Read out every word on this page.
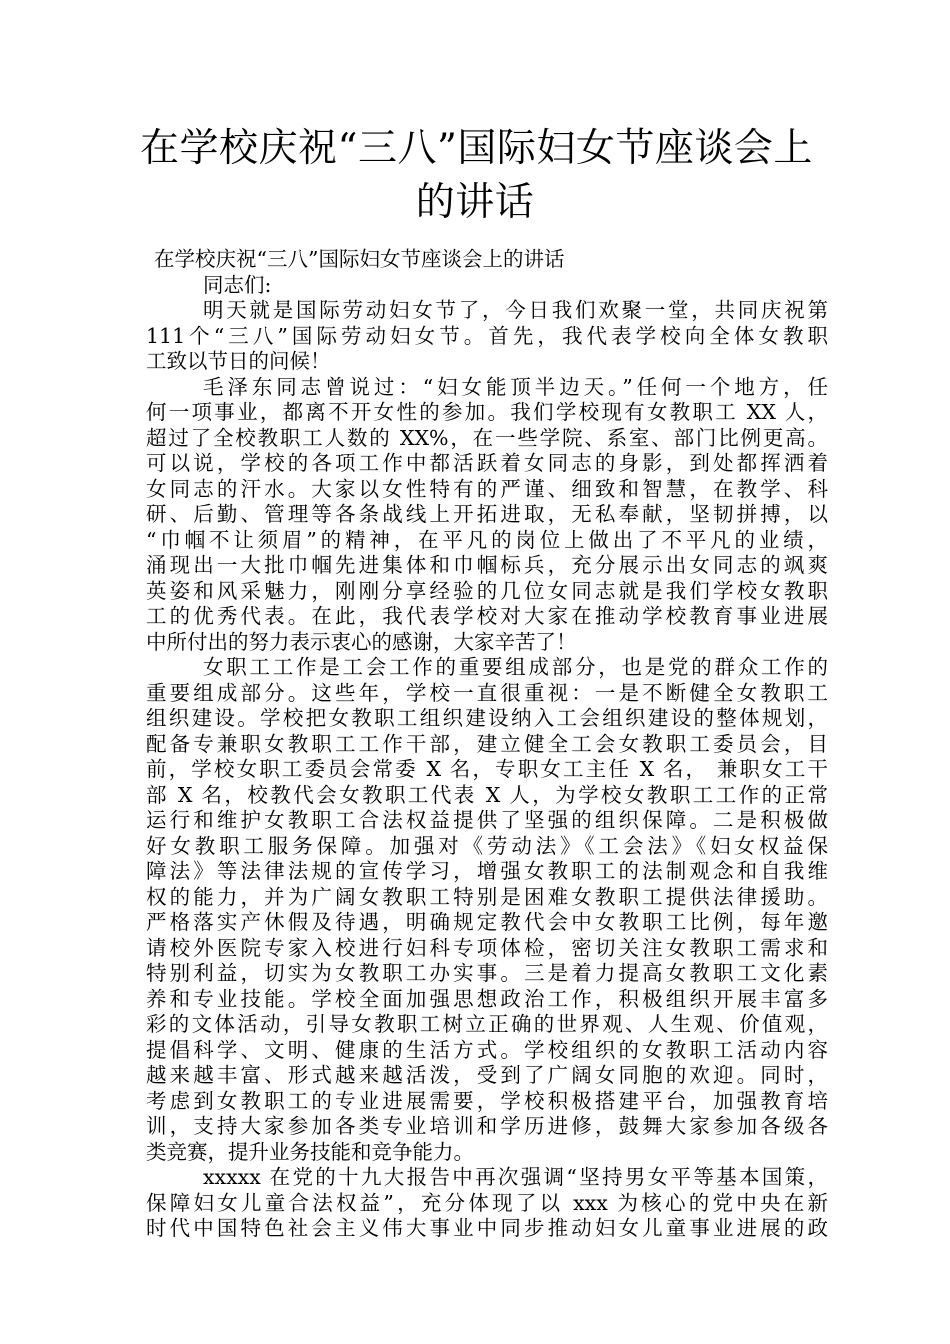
在学校庆祝“三八”国际妇女节座谈会上
的讲话
在学校庆祝“三八”国际妇女节座谈会上的讲话
同志们:
明天就是国际劳动妇女节了，今日我们欢聚一堂，共同庆祝第
111个“三八”国际劳动妇女节。首先，我代表学校向全体女教职
工致以节日的问候！
毛泽东同志曾说过：“妇女能顶半边天。”任何一个地方，任
何一项事业，都离不开女性的参加。我们学校现有女教职工 XX 人，
超过了全校教职工人数的 XX%，在一些学院、系室、部门比例更高。
可以说，学校的各项工作中都活跃着女同志的身影，到处都挥洒着
女同志的汗水。大家以女性特有的严谨、细致和智慧，在教学、科
研、后勤、管理等各条战线上开拓进取，无私奉献，坚韧拼搏，以
“巾帼不让须眉”的精神，在平凡的岗位上做出了不平凡的业绩，
涌现出一大批巾帼先进集体和巾帼标兵，充分展示出女同志的飒爽
英姿和风采魅力，刚刚分享经验的几位女同志就是我们学校女教职
工的优秀代表。在此，我代表学校对大家在推动学校教育事业进展
中所付出的努力表示衷心的感谢，大家辛苦了！
女职工工作是工会工作的重要组成部分，也是党的群众工作的
重要组成部分。这些年，学校一直很重视：一是不断健全女教职工
组织建设。学校把女教职工组织建设纳入工会组织建设的整体规划，
配备专兼职女教职工工作干部，建立健全工会女教职工委员会，目
前，学校女职工委员会常委 X 名，专职女工主任 X 名， 兼职女工干
部 X 名，校教代会女教职工代表 X 人，为学校女教职工工作的正常
运行和维护女教职工合法权益提供了坚强的组织保障。二是积极做
好女教职工服务保障。加强对《劳动法》《工会法》《妇女权益保
障法》等法律法规的宣传学习，增强女教职工的法制观念和自我维
权的能力，并为广阔女教职工特别是困难女教职工提供法律援助。
严格落实产休假及待遇，明确规定教代会中女教职工比例，每年邀
请校外医院专家入校进行妇科专项体检，密切关注女教职工需求和
特别利益，切实为女教职工办实事。三是着力提高女教职工文化素
养和专业技能。学校全面加强思想政治工作，积极组织开展丰富多
彩的文体活动，引导女教职工树立正确的世界观、人生观、价值观，
提倡科学、文明、健康的生活方式。学校组织的女教职工活动内容
越来越丰富、形式越来越活泼，受到了广阔女同胞的欢迎。同时，
考虑到女教职工的专业进展需要，学校积极搭建平台，加强教育培
训，支持大家参加各类专业培训和学历进修，鼓舞大家参加各级各
类竞赛，提升业务技能和竞争能力。
xxxxx 在党的十九大报告中再次强调“坚持男女平等基本国策，
保障妇女儿童合法权益”，充分体现了以 xxx 为核心的党中央在新
时代中国特色社会主义伟大事业中同步推动妇女儿童事业进展的政
